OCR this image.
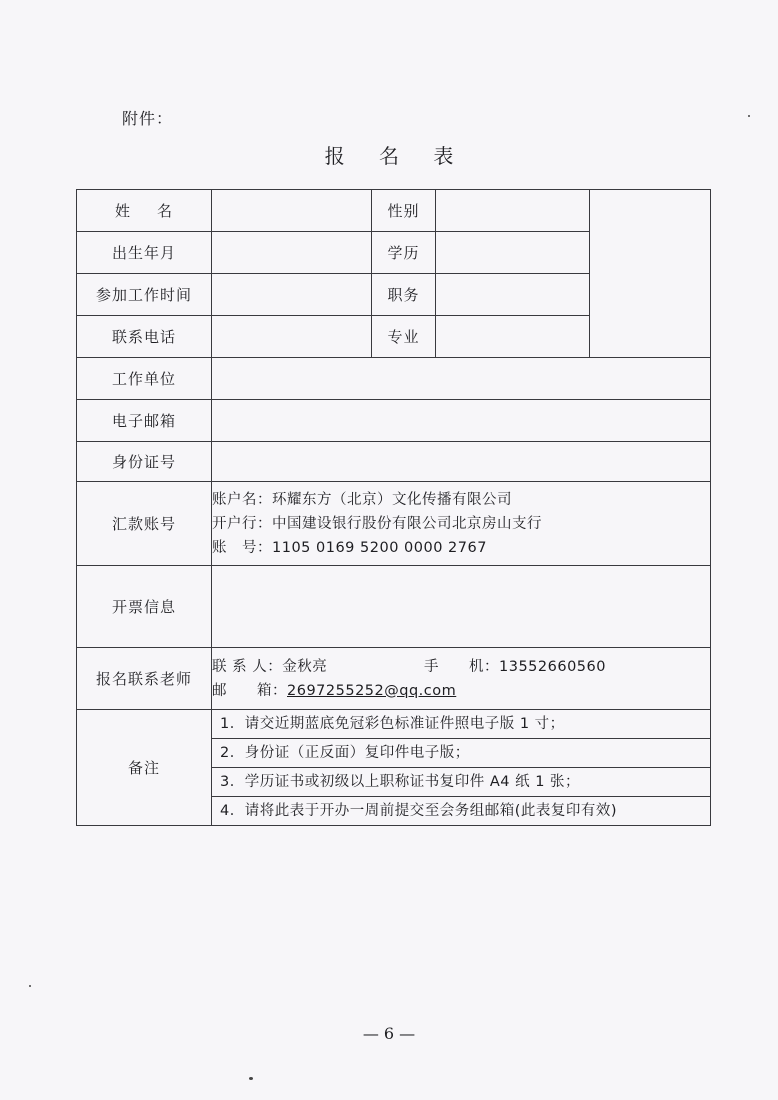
附件：
报 名 表
姓 名		性别		
出生年月		学历		
参加工作时间		职务		
联系电话		专业		
工作单位				
电子邮箱				
身份证号				
汇款账号	账户名：环耀东方（北京）文化传播有限公司
开户行：中国建设银行股份有限公司北京房山支行
账　号：1105 0169 5200 0000 2767			

开票信息				
报名联系老师	联 系 人：金秋亮 手　　机：13552660560
邮　　箱：2697255252@qq.com			

备注	1．请交近期蓝底免冠彩色标准证件照电子版 1 寸；
2．身份证（正反面）复印件电子版；
3．学历证书或初级以上职称证书复印件 A4 纸 1 张；
4．请将此表于开办一周前提交至会务组邮箱(此表复印有效)			
— 6 —
